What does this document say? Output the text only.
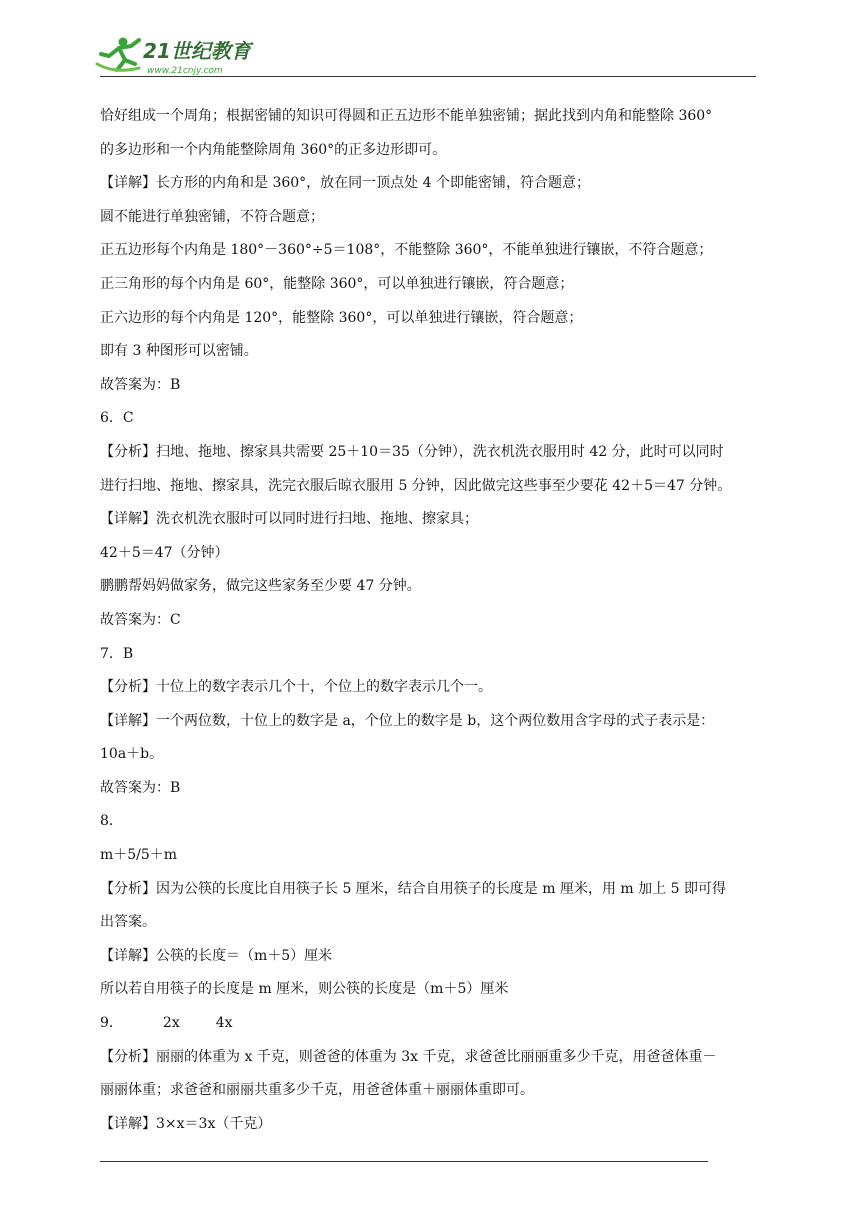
21世纪教育
www.21cnjy.com
恰好组成一个周角；根据密铺的知识可得圆和正五边形不能单独密铺；据此找到内角和能整除 360°
的多边形和一个内角能整除周角 360°的正多边形即可。
【详解】长方形的内角和是 360°，放在同一顶点处 4 个即能密铺，符合题意；
圆不能进行单独密铺，不符合题意；
正五边形每个内角是 180°－360°÷5＝108°，不能整除 360°，不能单独进行镶嵌，不符合题意；
正三角形的每个内角是 60°，能整除 360°，可以单独进行镶嵌，符合题意；
正六边形的每个内角是 120°，能整除 360°，可以单独进行镶嵌，符合题意；
即有 3 种图形可以密铺。
故答案为：B
6．C
【分析】扫地、拖地、擦家具共需要 25＋10＝35（分钟），洗衣机洗衣服用时 42 分，此时可以同时
进行扫地、拖地、擦家具，洗完衣服后晾衣服用 5 分钟，因此做完这些事至少要花 42＋5＝47 分钟。
【详解】洗衣机洗衣服时可以同时进行扫地、拖地、擦家具；
42＋5＝47（分钟）
鹏鹏帮妈妈做家务，做完这些家务至少要 47 分钟。
故答案为：C
7．B
【分析】十位上的数字表示几个十，个位上的数字表示几个一。
【详解】一个两位数，十位上的数字是 a，个位上的数字是 b，这个两位数用含字母的式子表示是：
10a＋b。
故答案为：B
8．
m＋5/5＋m
【分析】因为公筷的长度比自用筷子长 5 厘米，结合自用筷子的长度是 m 厘米，用 m 加上 5 即可得
出答案。
【详解】公筷的长度＝（m＋5）厘米
所以若自用筷子的长度是 m 厘米，则公筷的长度是（m＋5）厘米
9．	2x	4x
【分析】丽丽的体重为 x 千克，则爸爸的体重为 3x 千克，求爸爸比丽丽重多少千克，用爸爸体重－
丽丽体重；求爸爸和丽丽共重多少千克，用爸爸体重＋丽丽体重即可。
【详解】3×x＝3x（千克）
